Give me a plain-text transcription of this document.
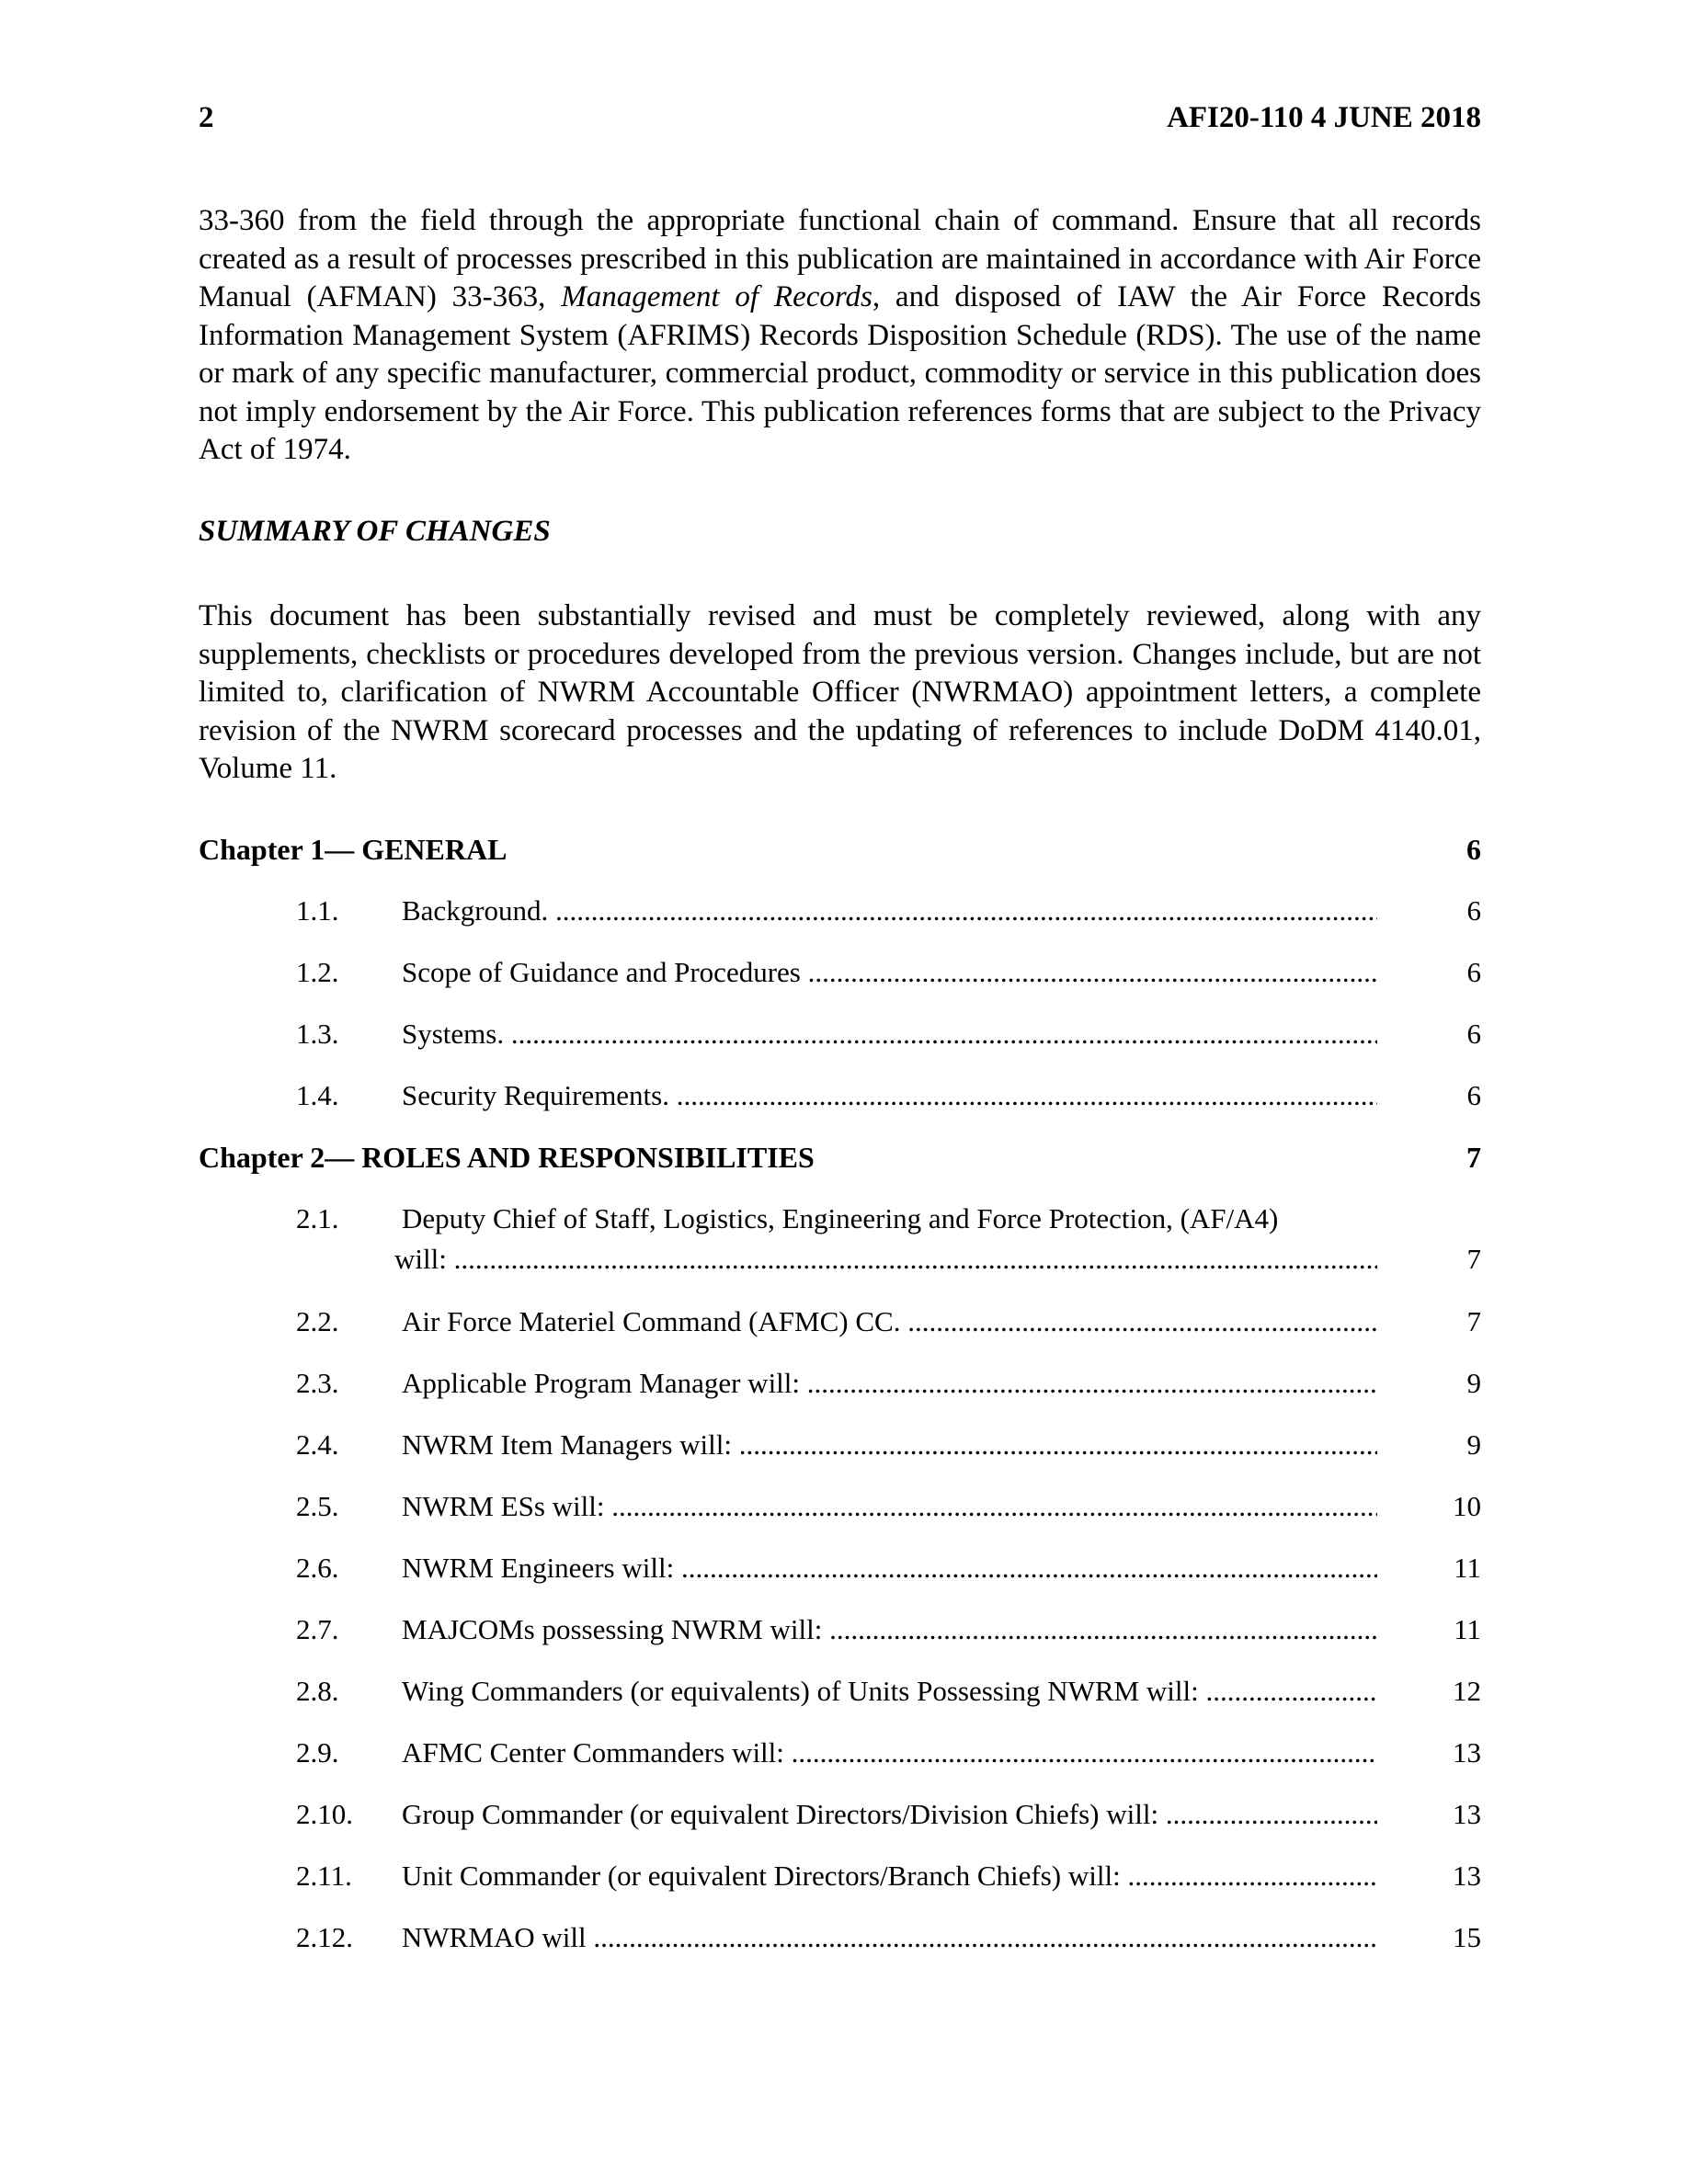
2	AFI20-110 4 JUNE 2018

33-360 from the field through the appropriate functional chain of command. Ensure that all records created as a result of processes prescribed in this publication are maintained in accordance with Air Force Manual (AFMAN) 33-363, Management of Records, and disposed of IAW the Air Force Records Information Management System (AFRIMS) Records Disposition Schedule (RDS). The use of the name or mark of any specific manufacturer, commercial product, commodity or service in this publication does not imply endorsement by the Air Force. This publication references forms that are subject to the Privacy Act of 1974.

SUMMARY OF CHANGES

This document has been substantially revised and must be completely reviewed, along with any supplements, checklists or procedures developed from the previous version. Changes include, but are not limited to, clarification of NWRM Accountable Officer (NWRMAO) appointment letters, a complete revision of the NWRM scorecard processes and the updating of references to include DoDM 4140.01, Volume 11.

Chapter 1— GENERAL	6
1.1. Background. .....	6
1.2. Scope of Guidance and Procedures .....	6
1.3. Systems. .....	6
1.4. Security Requirements. .....	6
Chapter 2— ROLES AND RESPONSIBILITIES	7
2.1. Deputy Chief of Staff, Logistics, Engineering and Force Protection, (AF/A4)
will: .....	7
2.2. Air Force Materiel Command (AFMC) CC. .....	7
2.3. Applicable Program Manager will: .....	9
2.4. NWRM Item Managers will: .....	9
2.5. NWRM ESs will: .....	10
2.6. NWRM Engineers will: .....	11
2.7. MAJCOMs possessing NWRM will: .....	11
2.8. Wing Commanders (or equivalents) of Units Possessing NWRM will: .....	12
2.9. AFMC Center Commanders will: .....	13
2.10. Group Commander (or equivalent Directors/Division Chiefs) will: .....	13
2.11. Unit Commander (or equivalent Directors/Branch Chiefs) will: .....	13
2.12. NWRMAO will .....	15
